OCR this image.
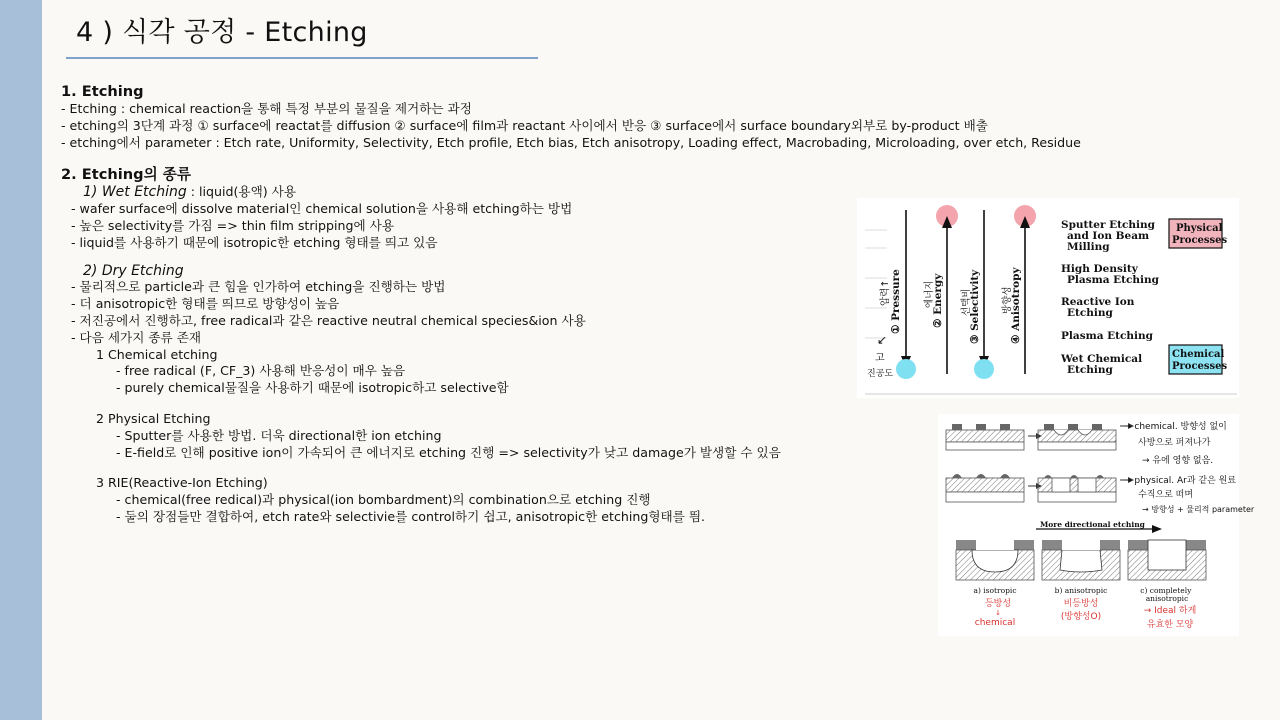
4 ) 식각 공정 - Etching
1. Etching
- Etching : chemical reaction을 통해 특정 부분의 물질을 제거하는 과정
- etching의 3단계 과정 ① surface에 reactat를 diffusion ② surface에 film과 reactant 사이에서 반응 ③ surface에서 surface boundary외부로 by-product 배출
- etching에서 parameter : Etch rate, Uniformity, Selectivity, Etch profile, Etch bias, Etch anisotropy, Loading effect, Macrobading, Microloading, over etch, Residue
2. Etching의 종류
1) Wet Etching : liquid(용액) 사용
- wafer surface에 dissolve material인 chemical solution을 사용해 etching하는 방법
- 높은 selectivity를 가짐 => thin film stripping에 사용
- liquid를 사용하기 때문에 isotropic한 etching 형태를 띄고 있음
2) Dry Etching
- 물리적으로 particle과 큰 힘을 인가하여 etching을 진행하는 방법
- 더 anisotropic한 형태를 띄므로 방향성이 높음
- 저진공에서 진행하고, free radical과 같은 reactive neutral chemical species&ion 사용
- 다음 세가지 종류 존재
1 Chemical etching
- free radical (F, CF_3) 사용해 반응성이 매우 높음
- purely chemical물질을 사용하기 때문에 isotropic하고 selective함
2 Physical Etching
- Sputter를 사용한 방법. 더욱 directional한 ion etching
- E-field로 인해 positive ion이 가속되어 큰 에너지로 etching 진행 => selectivity가 낮고 damage가 발생할 수 있음
3 RIE(Reactive-Ion Etching)
- chemical(free redical)과 physical(ion bombardment)의 combination으로 etching 진행
- 둘의 장점들만 결합하여, etch rate와 selectivie를 control하기 쉽고, anisotropic한 etching형태를 띔.
① Pressure	② Energy ③ Selectivity	④ Anisotropy
압력↑	에너지	선택비	방향성
↙
고
진공도
Sputter Etching and Ion Beam Milling
High Density Plasma Etching
Reactive Ion Etching
Plasma Etching
Wet Chemical Etching
Physical Processes
Chemical Processes
→ chemical. 방향성 없이
사방으로 퍼져나가
→ 유에 영향 없음.
→ physical. Ar과 같은 원료
수직으로 떠며
→ 방향성 + 물리적 parameter
More directional etching
a) isotropic	b) anisotropic	c) completely anisotropic
등방성
↓
chemical
비등방성
(방향성O)
→ Ideal 하게
유효한 모양
